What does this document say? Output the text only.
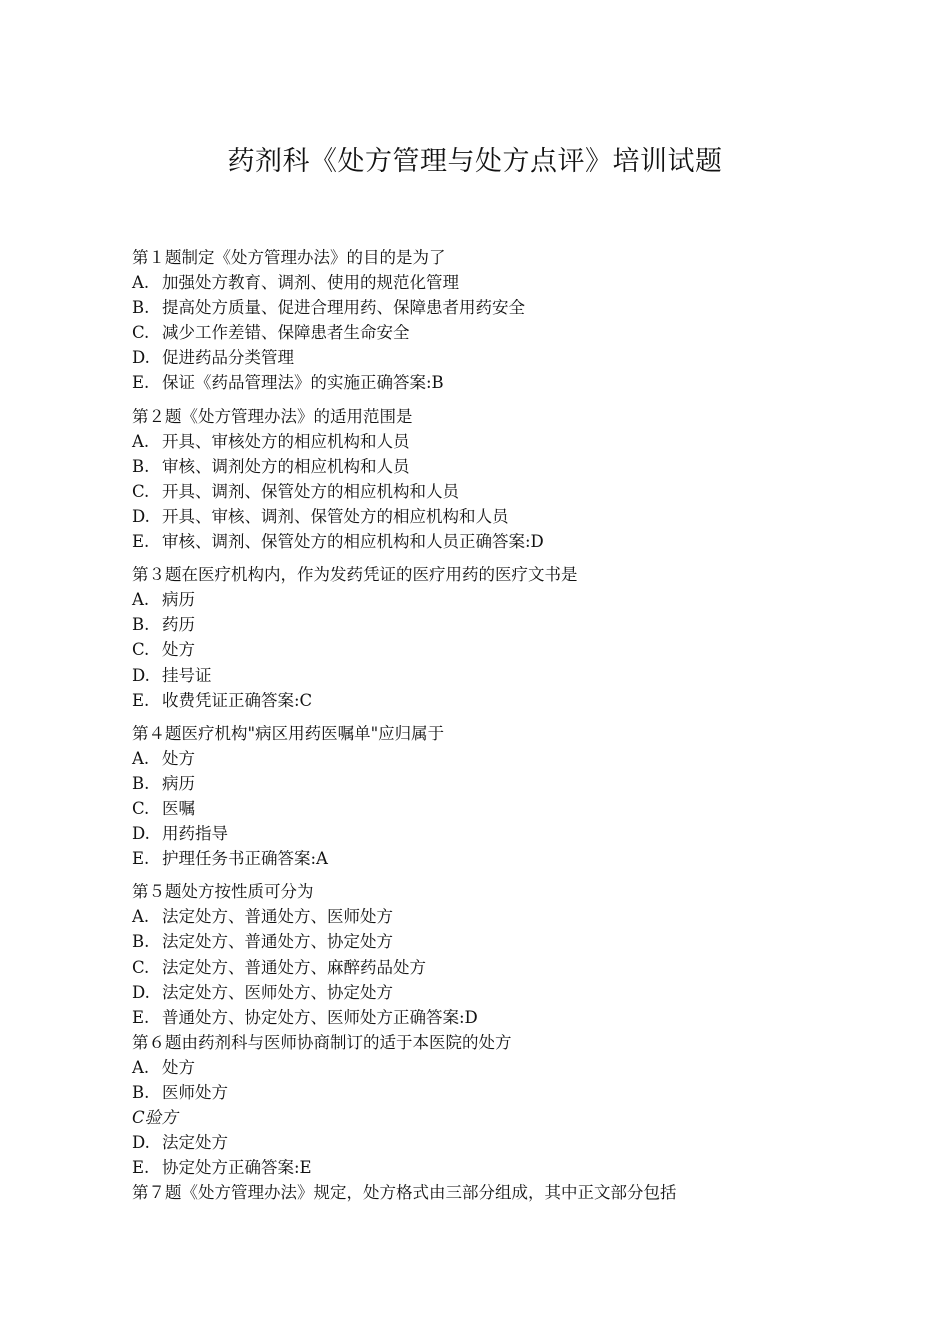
药剂科《处方管理与处方点评》培训试题
第１题制定《处方管理办法》的目的是为了
A. 加强处方教育、调剂、使用的规范化管理
B. 提高处方质量、促进合理用药、保障患者用药安全
C. 减少工作差错、保障患者生命安全
D. 促进药品分类管理
E. 保证《药品管理法》的实施正确答案:B
第２题《处方管理办法》的适用范围是
A. 开具、审核处方的相应机构和人员
B. 审核、调剂处方的相应机构和人员
C. 开具、调剂、保管处方的相应机构和人员
D. 开具、审核、调剂、保管处方的相应机构和人员
E. 审核、调剂、保管处方的相应机构和人员正确答案:D
第３题在医疗机构内，作为发药凭证的医疗用药的医疗文书是
A. 病历
B. 药历
C. 处方
D. 挂号证
E. 收费凭证正确答案:C
第４题医疗机构"病区用药医嘱单"应归属于
A. 处方
B. 病历
C. 医嘱
D. 用药指导
E. 护理任务书正确答案:A
第５题处方按性质可分为
A. 法定处方、普通处方、医师处方
B. 法定处方、普通处方、协定处方
C. 法定处方、普通处方、麻醉药品处方
D. 法定处方、医师处方、协定处方
E. 普通处方、协定处方、医师处方正确答案:D
第６题由药剂科与医师协商制订的适于本医院的处方
A. 处方
B. 医师处方
C验方
D. 法定处方
E. 协定处方正确答案:E
第７题《处方管理办法》规定，处方格式由三部分组成，其中正文部分包括
